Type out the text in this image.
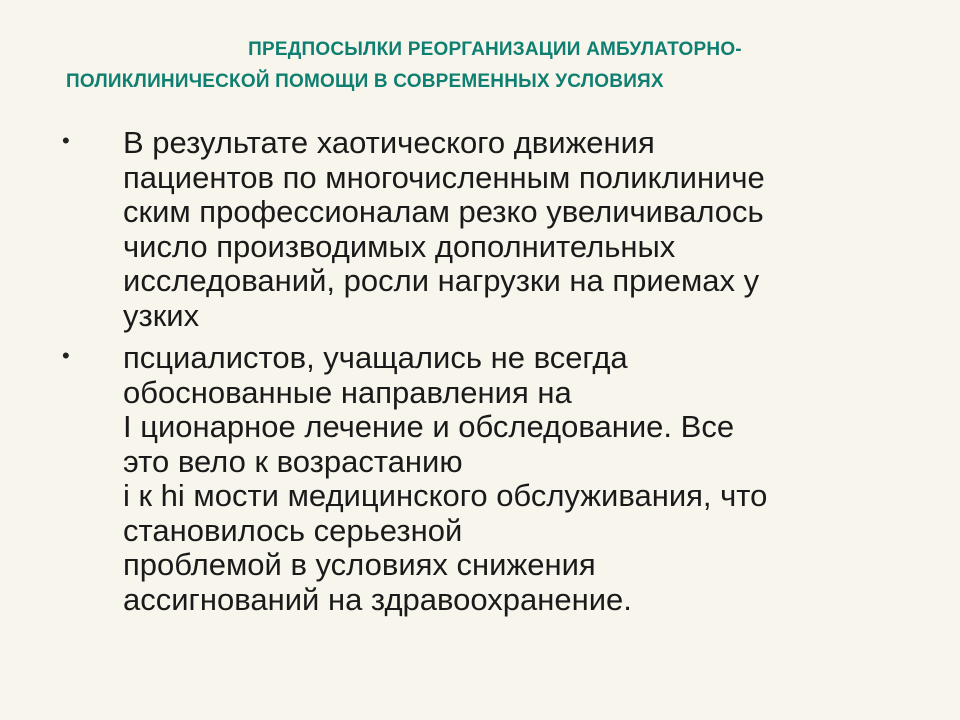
ПРЕДПОСЫЛКИ РЕОРГАНИЗАЦИИ АМБУЛАТОРНО-
ПОЛИКЛИНИЧЕСКОЙ ПОМОЩИ В СОВРЕМЕННЫХ УСЛОВИЯХ
• В результате хаотического движения
пациентов по многочисленным поликлиниче
ским профессионалам резко увеличивалось
число производимых дополнительных
исследований, росли нагрузки на приемах у
узких
• псциалистов, учащались не всегда
обоснованные направления на
I ционарное лечение и обследование. Все
это вело к возрастанию
i к hi мости медицинского обслуживания, что
становилось серьезной
проблемой в условиях снижения
ассигнований на здравоохранение.
